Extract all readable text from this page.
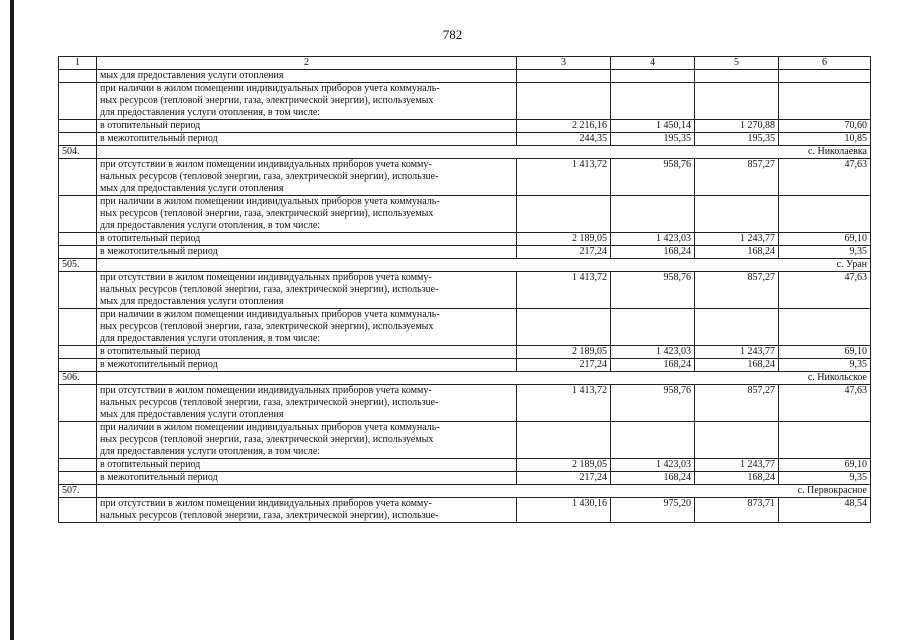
782
1	2	3	4	5	6
	мых для предоставления услуги отопления				

	при наличии в жилом помещении индивидуальных приборов учета коммуналь-
ных ресурсов (тепловой энергии, газа, электрической энергии), используемых
для предоставления услуги отопления, в том числе:				

	в отопительный период	2 216,16	1 450,14	1 270,88	70,60
	в межотопительный период	244,35	195,35	195,35	10,85
504.	с. Николаевка				

	при отсутствии в жилом помещении индивидуальных приборов учета комму-
нальных ресурсов (тепловой энергии, газа, электрической энергии), использue-
мых для предоставления услуги отопления	1 413,72	958,76	857,27	47,63

	при наличии в жилом помещении индивидуальных приборов учета коммуналь-
ных ресурсов (тепловой энергии, газа, электрической энергии), используемых
для предоставления услуги отопления, в том числе:				

	в отопительный период	2 189,05	1 423,03	1 243,77	69,10
	в межотопительный период	217,24	168,24	168,24	9,35
505.	с. Уран				

	при отсутствии в жилом помещении индивидуальных приборов учета комму-
нальных ресурсов (тепловой энергии, газа, электрической энергии), использue-
мых для предоставления услуги отопления	1 413,72	958,76	857,27	47,63

	при наличии в жилом помещении индивидуальных приборов учета коммуналь-
ных ресурсов (тепловой энергии, газа, электрической энергии), используемых
для предоставления услуги отопления, в том числе:				

	в отопительный период	2 189,05	1 423,03	1 243,77	69,10
	в межотопительный период	217,24	168,24	168,24	9,35
506.	с. Никольское				

	при отсутствии в жилом помещении индивидуальных приборов учета комму-
нальных ресурсов (тепловой энергии, газа, электрической энергии), использue-
мых для предоставления услуги отопления	1 413,72	958,76	857,27	47,63

	при наличии в жилом помещении индивидуальных приборов учета коммуналь-
ных ресурсов (тепловой энергии, газа, электрической энергии), используемых
для предоставления услуги отопления, в том числе:				

	в отопительный период	2 189,05	1 423,03	1 243,77	69,10
	в межотопительный период	217,24	168,24	168,24	9,35
507.	с. Первокрасное				

	при отсутствии в жилом помещении индивидуальных приборов учета комму-
нальных ресурсов (тепловой энергии, газа, электрической энергии), использue-	1 430,16	975,20	873,71	48,54
